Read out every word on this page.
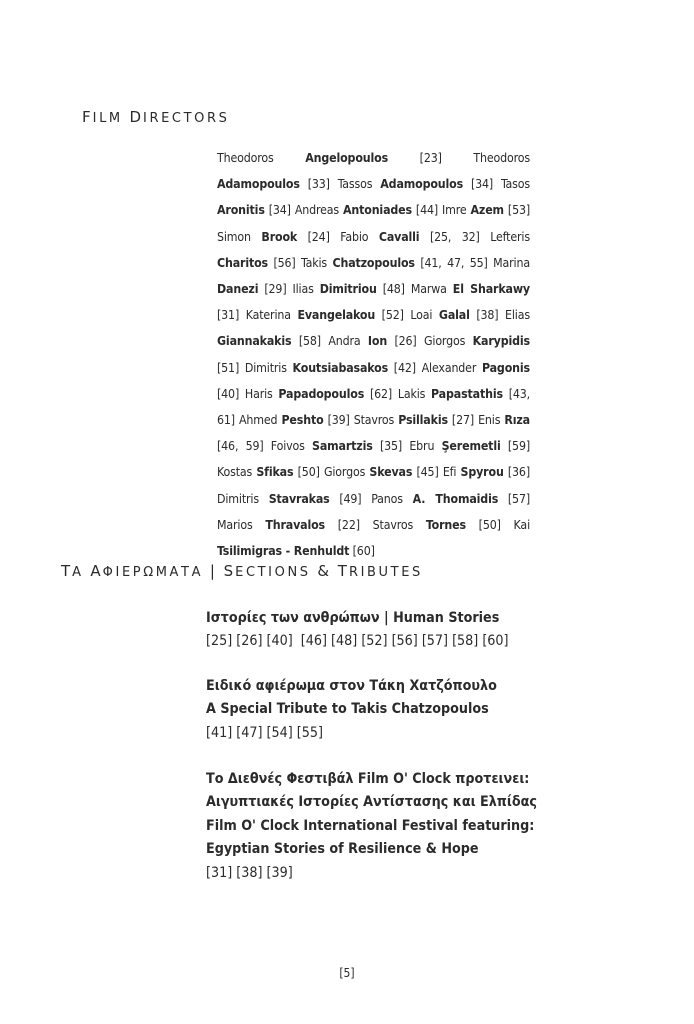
FILM DIRECTORS
Theodoros	Angelopoulos	[23]	Theodoros Adamopoulos [33] Tassos Adamopoulos [34] Tasos Aronitis [34] Andreas Antoniades [44] Imre Azem [53] Simon Brook [24] Fabio Cavalli [25, 32] Lefteris Charitos [56] Takis Chatzopoulos [41, 47, 55] Marina Danezi [29] Ilias Dimitriou [48] Marwa El Sharkawy [31] Katerina Evangelakou [52] Loai Galal [38] Elias Giannakakis [58] Andra Ion [26] Giorgos Karypidis [51] Dimitris Koutsiabasakos [42] Alexander Pagonis [40] Haris Papadopoulos [62] Lakis Papastathis [43, 61] Ahmed Peshto [39] Stavros Psillakis [27] Enis Rıza [46, 59] Foivos Samartzis [35] Ebru Şeremetli [59] Kostas Sfikas [50] Giorgos Skevas [45] Efi Spyrou [36] Dimitris Stavrakas [49] Panos A. Thomaidis [57] Marios Thravalos [22] Stavros Tornes [50] Kai Tsilimigras - Renhuldt [60]
ΤΑ ΑΦΙΕΡΩΜΑΤΑ | SECTIONS & TRIBUTES
Ιστορίες των ανθρώπων | Human Stories
[25] [26] [40]  [46] [48] [52] [56] [57] [58] [60]
Ειδικό αφιέρωμα στον Τάκη Χατζόπουλο
A Special Tribute to Takis Chatzopoulos
[41] [47] [54] [55]
Το Διεθνές Φεστιβάλ Film O' Clock προτεινει:
Αιγυπτιακές Ιστορίες Αντίστασης και Ελπίδας
Film O' Clock International Festival featuring:
Egyptian Stories of Resilience & Hope
[31] [38] [39]
[5]
